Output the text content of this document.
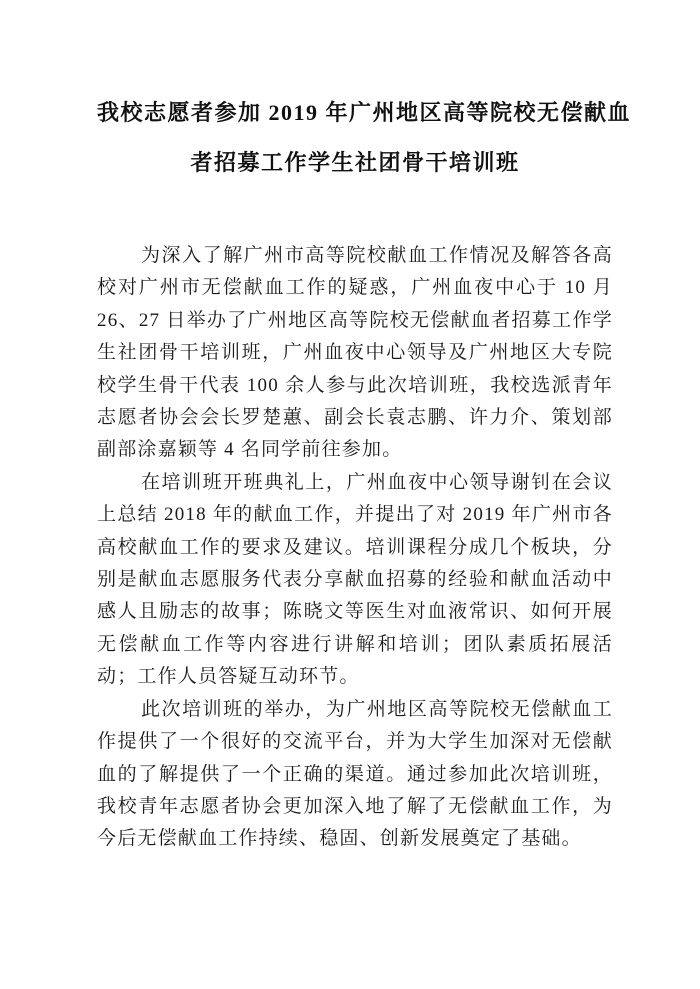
我校志愿者参加 2019 年广州地区高等院校无偿献血
者招募工作学生社团骨干培训班

为深入了解广州市高等院校献血工作情况及解答各高校对广州市无偿献血工作的疑惑，广州血夜中心于 10 月 26、27 日举办了广州地区高等院校无偿献血者招募工作学生社团骨干培训班，广州血夜中心领导及广州地区大专院校学生骨干代表 100 余人参与此次培训班，我校选派青年志愿者协会会长罗楚蕙、副会长袁志鹏、许力介、策划部副部涂嘉颖等 4 名同学前往参加。

在培训班开班典礼上，广州血夜中心领导谢钊在会议上总结 2018 年的献血工作，并提出了对 2019 年广州市各高校献血工作的要求及建议。培训课程分成几个板块，分别是献血志愿服务代表分享献血招募的经验和献血活动中感人且励志的故事；陈晓文等医生对血液常识、如何开展无偿献血工作等内容进行讲解和培训；团队素质拓展活动；工作人员答疑互动环节。

此次培训班的举办，为广州地区高等院校无偿献血工作提供了一个很好的交流平台，并为大学生加深对无偿献血的了解提供了一个正确的渠道。通过参加此次培训班，我校青年志愿者协会更加深入地了解了无偿献血工作，为今后无偿献血工作持续、稳固、创新发展奠定了基础。
